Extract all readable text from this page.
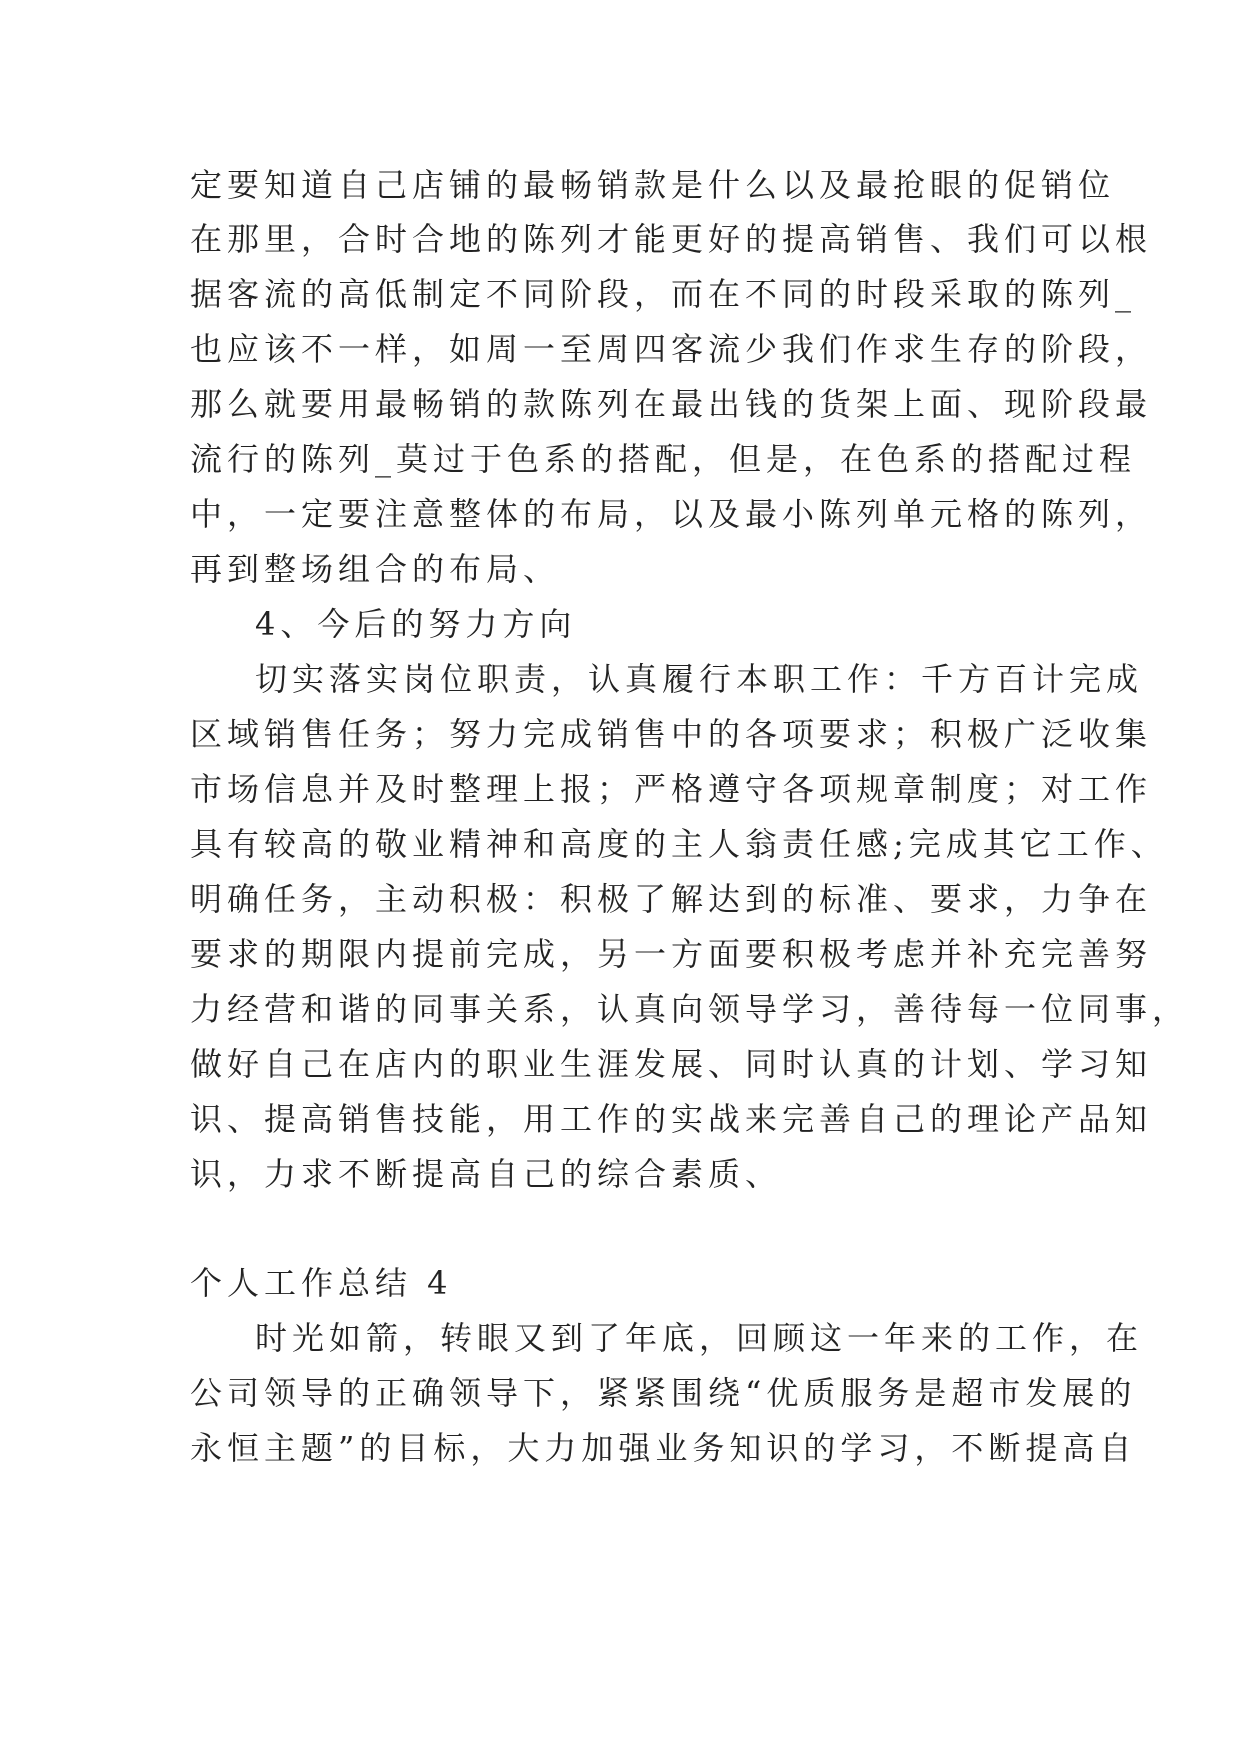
定要知道自己店铺的最畅销款是什么以及最抢眼的促销位
在那里，合时合地的陈列才能更好的提高销售、我们可以根
据客流的高低制定不同阶段，而在不同的时段采取的陈列_
也应该不一样，如周一至周四客流少我们作求生存的阶段，
那么就要用最畅销的款陈列在最出钱的货架上面、现阶段最
流行的陈列_莫过于色系的搭配，但是，在色系的搭配过程
中，一定要注意整体的布局，以及最小陈列单元格的陈列，
再到整场组合的布局、
4、今后的努力方向
切实落实岗位职责，认真履行本职工作：千方百计完成
区域销售任务；努力完成销售中的各项要求；积极广泛收集
市场信息并及时整理上报；严格遵守各项规章制度；对工作
具有较高的敬业精神和高度的主人翁责任感;完成其它工作、
明确任务，主动积极：积极了解达到的标准、要求，力争在
要求的期限内提前完成，另一方面要积极考虑并补充完善努
力经营和谐的同事关系，认真向领导学习，善待每一位同事，
做好自己在店内的职业生涯发展、同时认真的计划、学习知
识、提高销售技能，用工作的实战来完善自己的理论产品知
识，力求不断提高自己的综合素质、
个人工作总结 4
时光如箭，转眼又到了年底，回顾这一年来的工作，在
公司领导的正确领导下，紧紧围绕“优质服务是超市发展的
永恒主题”的目标，大力加强业务知识的学习，不断提高自
